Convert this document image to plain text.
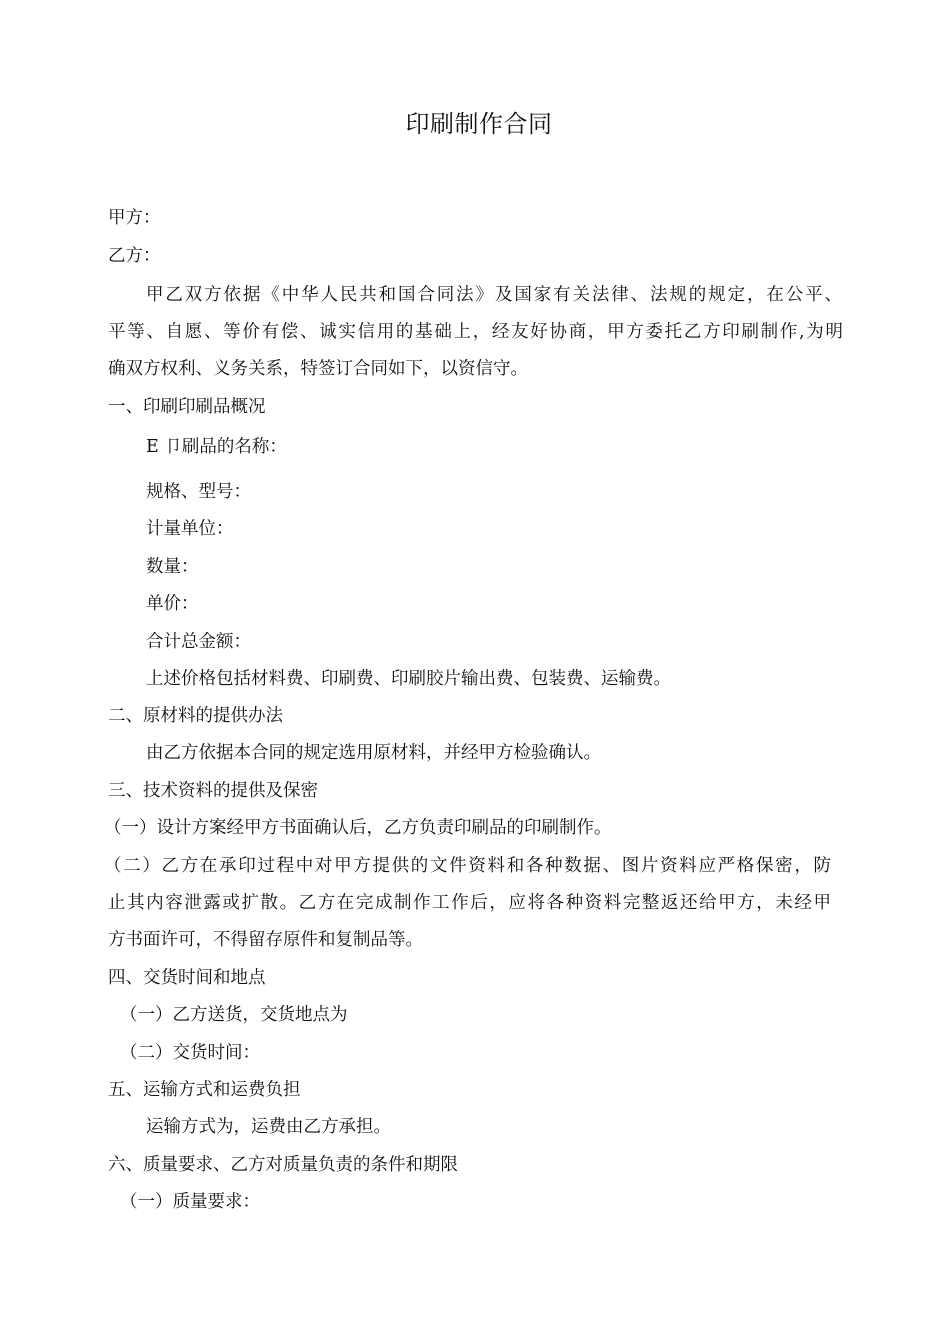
印刷制作合同
甲方：
乙方：
甲乙双方依据《中华人民共和国合同法》及国家有关法律、法规的规定，在公平、
平等、自愿、等价有偿、诚实信用的基础上，经友好协商，甲方委托乙方印刷制作,为明
确双方权利、义务关系，特签订合同如下，以资信守。
一、印刷印刷品概况
E 卩刷品的名称：
规格、型号：
计量单位：
数量：
单价：
合计总金额：
上述价格包括材料费、印刷费、印刷胶片输出费、包装费、运输费。
二、原材料的提供办法
由乙方依据本合同的规定选用原材料，并经甲方检验确认。
三、技术资料的提供及保密
（一）设计方案经甲方书面确认后，乙方负责印刷品的印刷制作。
（二）乙方在承印过程中对甲方提供的文件资料和各种数据、图片资料应严格保密，防
止其内容泄露或扩散。乙方在完成制作工作后，应将各种资料完整返还给甲方，未经甲
方书面许可，不得留存原件和复制品等。
四、交货时间和地点
（一）乙方送货，交货地点为
（二）交货时间：
五、运输方式和运费负担
运输方式为，运费由乙方承担。
六、质量要求、乙方对质量负责的条件和期限
（一）质量要求：
